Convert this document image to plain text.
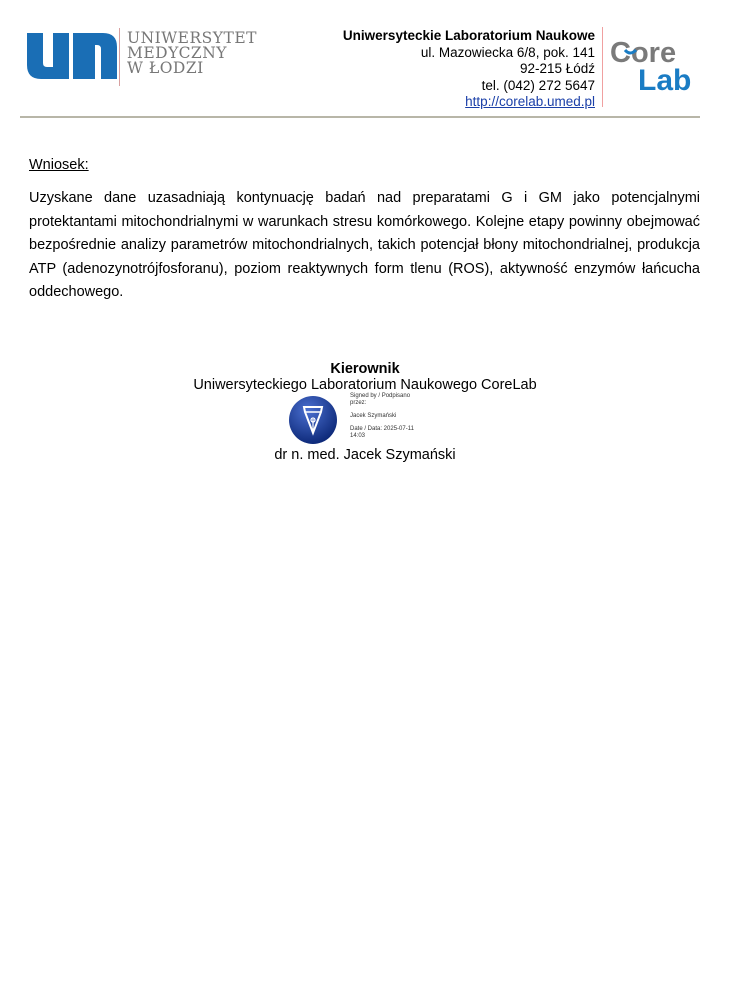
UNIWERSYTET
MEDYCZNY
W ŁODZI
Uniwersyteckie Laboratorium Naukowe
ul. Mazowiecka 6/8, pok. 141
92-215 Łódź
tel. (042) 272 5647
http://corelab.umed.pl
Core
Lab
Wniosek:
Uzyskane dane uzasadniają kontynuację badań nad preparatami G i GM jako potencjalnymi protektantami mitochondrialnymi w warunkach stresu komórkowego. Kolejne etapy powinny obejmować bezpośrednie analizy parametrów mitochondrialnych, takich potencjał błony mitochondrialnej, produkcja ATP (adenozynotrójfosforanu), poziom reaktywnych form tlenu (ROS), aktywność enzymów łańcucha oddechowego.
Kierownik
Uniwersyteckiego Laboratorium Naukowego CoreLab
Signed by / Podpisano
przez:
Jacek Szymański
Date / Data: 2025-07-11
14:03
dr n. med. Jacek Szymański
